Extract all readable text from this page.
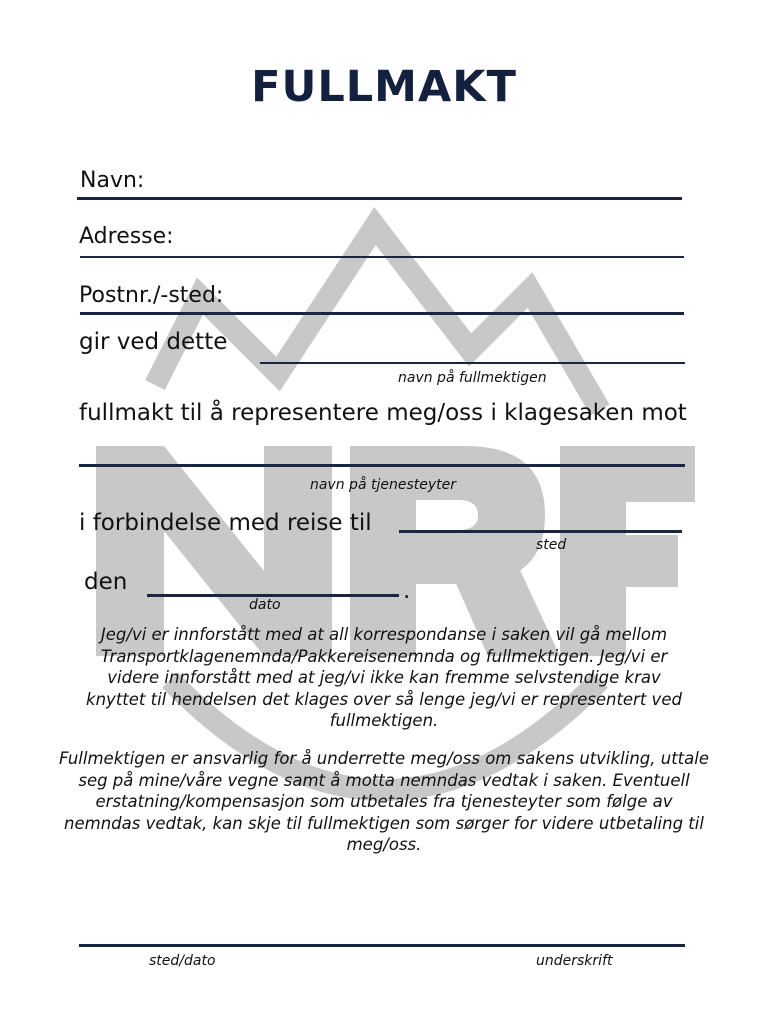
FULLMAKT
Navn:
Adresse:
Postnr./-sted:
gir ved dette
navn på fullmektigen
fullmakt til å representere meg/oss i klagesaken mot
navn på tjenesteyter
i forbindelse med reise til
sted
den	.
dato
Jeg/vi er innforstått med at all korrespondanse i saken vil gå mellom Transportklagenemnda/Pakkereisenemnda og fullmektigen. Jeg/vi er videre innforstått med at jeg/vi ikke kan fremme selvstendige krav knyttet til hendelsen det klages over så lenge jeg/vi er representert ved fullmektigen.
Fullmektigen er ansvarlig for å underrette meg/oss om sakens utvikling, uttale seg på mine/våre vegne samt å motta nemndas vedtak i saken. Eventuell erstatning/kompensasjon som utbetales fra tjenesteyter som følge av nemndas vedtak, kan skje til fullmektigen som sørger for videre utbetaling til meg/oss.
sted/dato	underskrift
